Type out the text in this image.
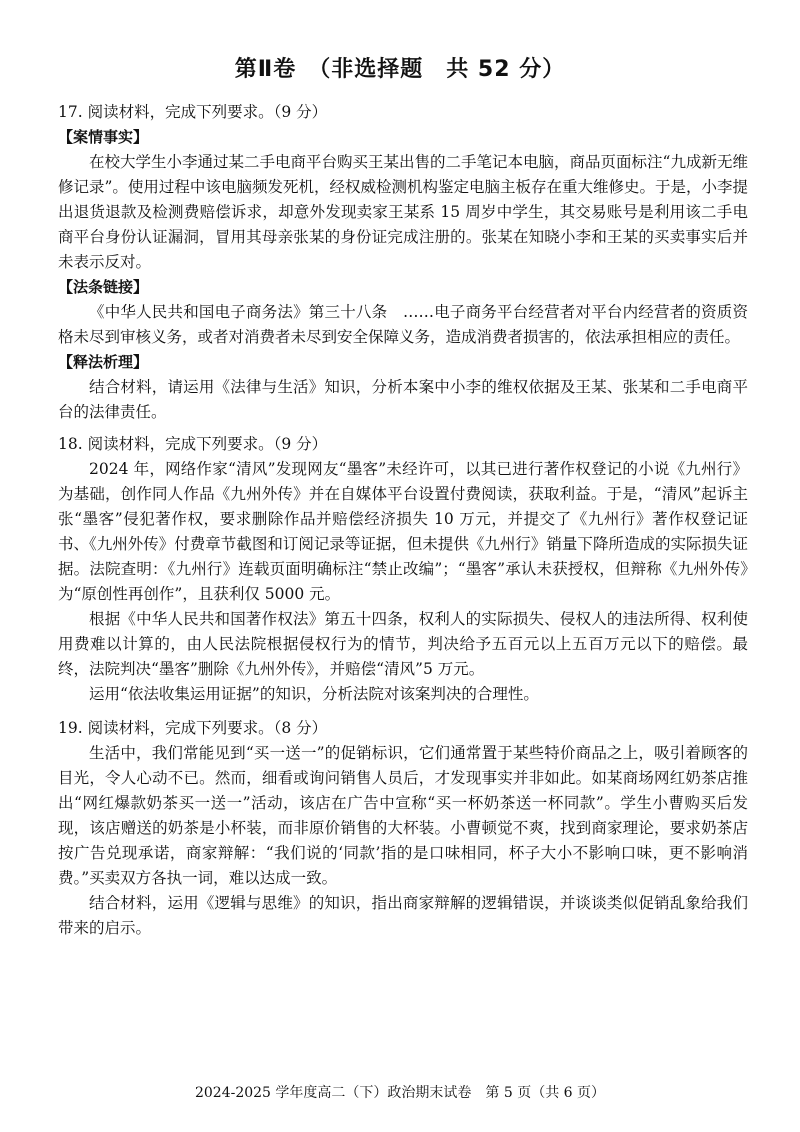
第Ⅱ卷　（非选择题　共 52 分）
17. 阅读材料，完成下列要求。（9 分）
【案情事实】

在校大学生小李通过某二手电商平台购买王某出售的二手笔记本电脑，商品页面标注“九成新无维修记录”。使用过程中该电脑频发死机，经权威检测机构鉴定电脑主板存在重大维修史。于是，小李提出退货退款及检测费赔偿诉求，却意外发现卖家王某系 15 周岁中学生，其交易账号是利用该二手电商平台身份认证漏洞，冒用其母亲张某的身份证完成注册的。张某在知晓小李和王某的买卖事实后并未表示反对。

【法条链接】

《中华人民共和国电子商务法》第三十八条　……电子商务平台经营者对平台内经营者的资质资格未尽到审核义务，或者对消费者未尽到安全保障义务，造成消费者损害的，依法承担相应的责任。

【释法析理】

结合材料，请运用《法律与生活》知识，分析本案中小李的维权依据及王某、张某和二手电商平台的法律责任。

18. 阅读材料，完成下列要求。（9 分）

2024 年，网络作家“清风”发现网友“墨客”未经许可，以其已进行著作权登记的小说《九州行》为基础，创作同人作品《九州外传》并在自媒体平台设置付费阅读，获取利益。于是，“清风”起诉主张“墨客”侵犯著作权，要求删除作品并赔偿经济损失 10 万元，并提交了《九州行》著作权登记证书、《九州外传》付费章节截图和订阅记录等证据，但未提供《九州行》销量下降所造成的实际损失证据。法院查明：《九州行》连载页面明确标注“禁止改编”；“墨客”承认未获授权，但辩称《九州外传》为“原创性再创作”，且获利仅 5000 元。

根据《中华人民共和国著作权法》第五十四条，权利人的实际损失、侵权人的违法所得、权利使用费难以计算的，由人民法院根据侵权行为的情节，判决给予五百元以上五百万元以下的赔偿。最终，法院判决“墨客”删除《九州外传》，并赔偿“清风”5 万元。

运用“依法收集运用证据”的知识，分析法院对该案判决的合理性。

19. 阅读材料，完成下列要求。（8 分）

生活中，我们常能见到“买一送一”的促销标识，它们通常置于某些特价商品之上，吸引着顾客的目光，令人心动不已。然而，细看或询问销售人员后，才发现事实并非如此。如某商场网红奶茶店推出“网红爆款奶茶买一送一”活动，该店在广告中宣称“买一杯奶茶送一杯同款”。学生小曹购买后发现，该店赠送的奶茶是小杯装，而非原价销售的大杯装。小曹顿觉不爽，找到商家理论，要求奶茶店按广告兑现承诺，商家辩解：“我们说的‘同款’指的是口味相同，杯子大小不影响口味，更不影响消费。”买卖双方各执一词，难以达成一致。

结合材料，运用《逻辑与思维》的知识，指出商家辩解的逻辑错误，并谈谈类似促销乱象给我们带来的启示。

2024-2025 学年度高二（下）政治期末试卷　第 5 页（共 6 页）
